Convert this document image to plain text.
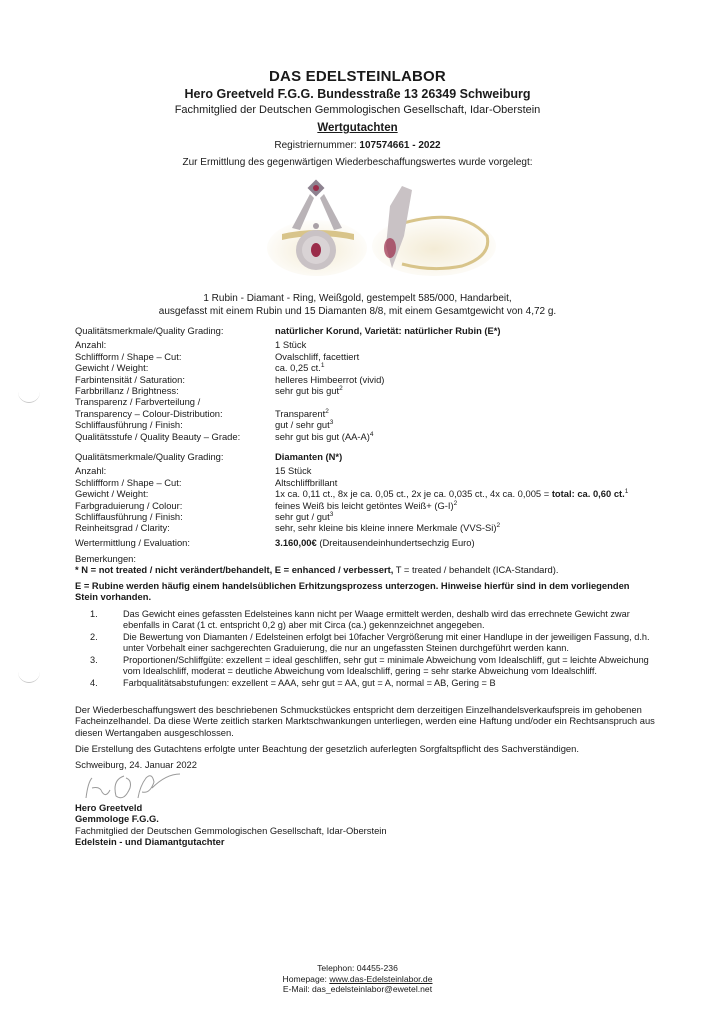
DAS EDELSTEINLABOR
Hero Greetveld F.G.G. Bundesstraße 13 26349 Schweiburg
Fachmitglied der Deutschen Gemmologischen Gesellschaft, Idar-Oberstein
Wertgutachten
Registriernummer: 107574661 - 2022
Zur Ermittlung des gegenwärtigen Wiederbeschaffungswertes wurde vorgelegt:
1 Rubin - Diamant - Ring, Weißgold, gestempelt 585/000, Handarbeit,
ausgefasst mit einem Rubin und 15 Diamanten 8/8, mit einem Gesamtgewicht von 4,72 g.
Qualitätsmerkmale/Quality Grading:	natürlicher Korund, Varietät: natürlicher Rubin (E*)
Anzahl:	1 Stück
Schliffform / Shape – Cut:	Ovalschliff, facettiert
Gewicht / Weight:	ca. 0,25 ct.$^1$
Farbintensität / Saturation:	helleres Himbeerrot (vivid)
Farbbrillanz / Brightness:	sehr gut bis gut$^2$
Transparenz / Farbverteilung /
Transparency – Colour-Distribution:	Transparent$^2$
Schliffausführung / Finish:	gut / sehr gut$^3$
Qualitätsstufe / Quality Beauty – Grade:	sehr gut bis gut $(AA-A)^4$
Qualitätsmerkmale/Quality Grading:	Diamanten (N*)
Anzahl:	15 Stück
Schliffform / Shape – Cut:	Altschliffbrillant
Gewicht / Weight:	1x ca. 0,11 ct., 8x je ca. 0,05 ct., 2x je ca. 0,035 ct., 4x ca. 0,005 = total: ca. 0,60 ct.$^1$
Farbgraduierung / Colour:	feines Weiß bis leicht getöntes Weiß+ $(G-I)^2$
Schliffausführung / Finish:	sehr gut / gut$^3$
Reinheitsgrad / Clarity:	sehr, sehr kleine bis kleine innere Merkmale $(VVS-Si)^2$
Wertermittlung / Evaluation:	3.160,00€ (Dreitausendeinhundertsechzig Euro)
Bemerkungen:
* N = not treated / nicht verändert/behandelt, E = enhanced / verbessert, T = treated / behandelt (ICA-Standard).
E = Rubine werden häufig einem handelsüblichen Erhitzungsprozess unterzogen. Hinweise hierfür sind in dem vorliegenden Stein vorhanden.
1.	Das Gewicht eines gefassten Edelsteines kann nicht per Waage ermittelt werden, deshalb wird das errechnete Gewicht zwar ebenfalls in Carat (1 ct. entspricht 0,2 g) aber mit Circa (ca.) gekennzeichnet angegeben.
2.	Die Bewertung von Diamanten / Edelsteinen erfolgt bei 10facher Vergrößerung mit einer Handlupe in der jeweiligen Fassung, d.h. unter Vorbehalt einer sachgerechten Graduierung, die nur an ungefassten Steinen durchgeführt werden kann.
3.	Proportionen/Schliffgüte: exzellent = ideal geschliffen, sehr gut = minimale Abweichung vom Idealschliff, gut = leichte Abweichung vom Idealschliff, moderat = deutliche Abweichung vom Idealschliff, gering = sehr starke Abweichung vom Idealschliff.
4.	Farbqualitätsabstufungen: exzellent = AAA, sehr gut = AA, gut = A, normal = AB, Gering = B
Der Wiederbeschaffungswert des beschriebenen Schmuckstückes entspricht dem derzeitigen Einzelhandelsverkaufspreis im gehobenen Facheinzelhandel. Da diese Werte zeitlich starken Marktschwankungen unterliegen, werden eine Haftung und/oder ein Rechtsanspruch aus diesen Wertangaben ausgeschlossen.
Die Erstellung des Gutachtens erfolgte unter Beachtung der gesetzlich auferlegten Sorgfaltspflicht des Sachverständigen.
Schweiburg, 24. Januar 2022
Hero Greetveld
Gemmologe F.G.G.
Fachmitglied der Deutschen Gemmologischen Gesellschaft, Idar-Oberstein
Edelstein - und Diamantgutachter
Telephon: 04455-236
Homepage: www.das-Edelsteinlabor.de
E-Mail: das_edelsteinlabor@ewetel.net
